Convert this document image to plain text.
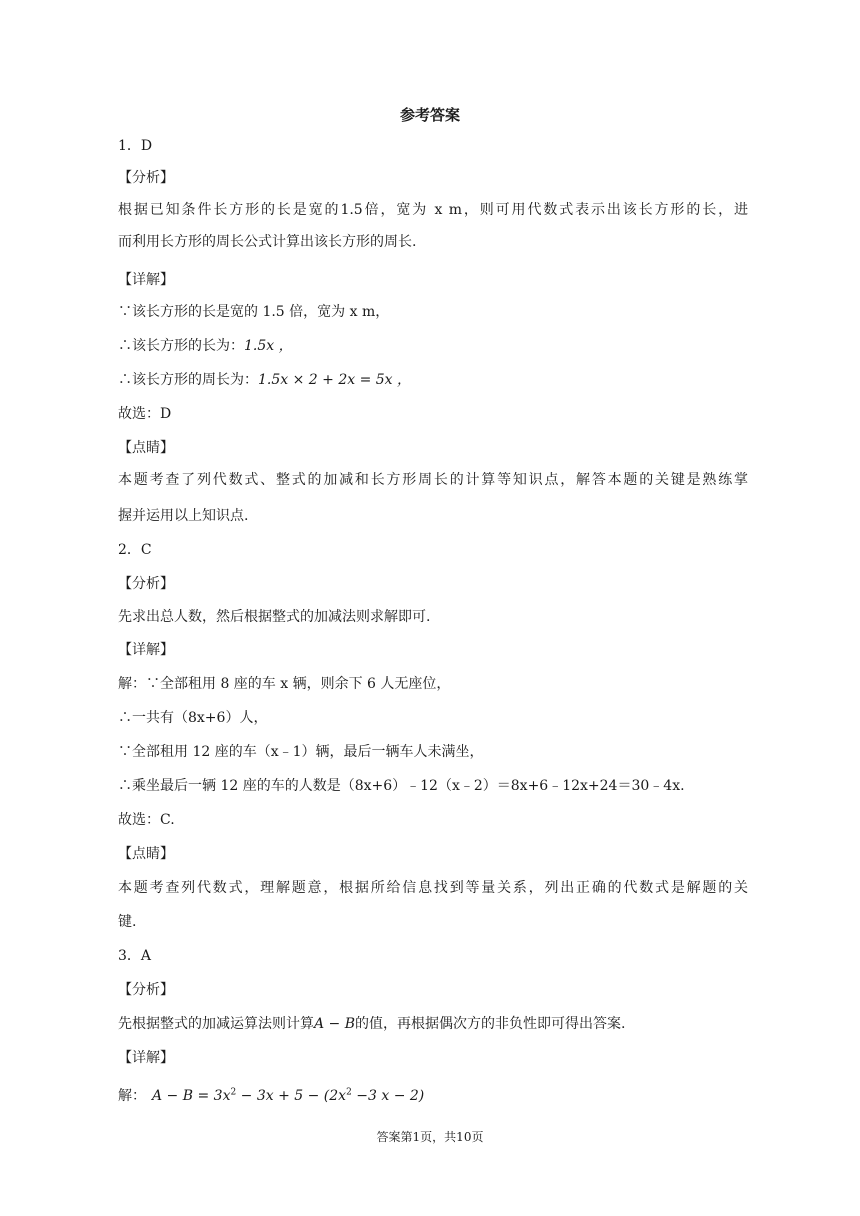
参考答案
1．D
【分析】
根据已知条件长方形的长是宽的1.5倍，宽为 x m，则可用代数式表示出该长方形的长，进
而利用长方形的周长公式计算出该长方形的周长.
【详解】
∵该长方形的长是宽的 1.5 倍，宽为 x m，
∴该长方形的长为：1.5x ，
∴该长方形的周长为：1.5x × 2 + 2x = 5x ，
故选：D
【点睛】
本题考查了列代数式、整式的加减和长方形周长的计算等知识点，解答本题的关键是熟练掌
握并运用以上知识点.
2．C
【分析】
先求出总人数，然后根据整式的加减法则求解即可.
【详解】
解：∵全部租用 8 座的车 x 辆，则余下 6 人无座位，
∴一共有（8x+6）人，
∵全部租用 12 座的车（x﹣1）辆，最后一辆车人未满坐，
∴乘坐最后一辆 12 座的车的人数是（8x+6）﹣12（x﹣2）＝8x+6﹣12x+24＝30﹣4x.
故选：C.
【点睛】
本题考查列代数式，理解题意，根据所给信息找到等量关系，列出正确的代数式是解题的关
键.
3．A
【分析】
先根据整式的加减运算法则计算A − B的值，再根据偶次方的非负性即可得出答案.
【详解】
解： $A - B = 3x^2 - 3x + 5 - (2x^2 -3$ x − 2)
答案第1页，共10页
